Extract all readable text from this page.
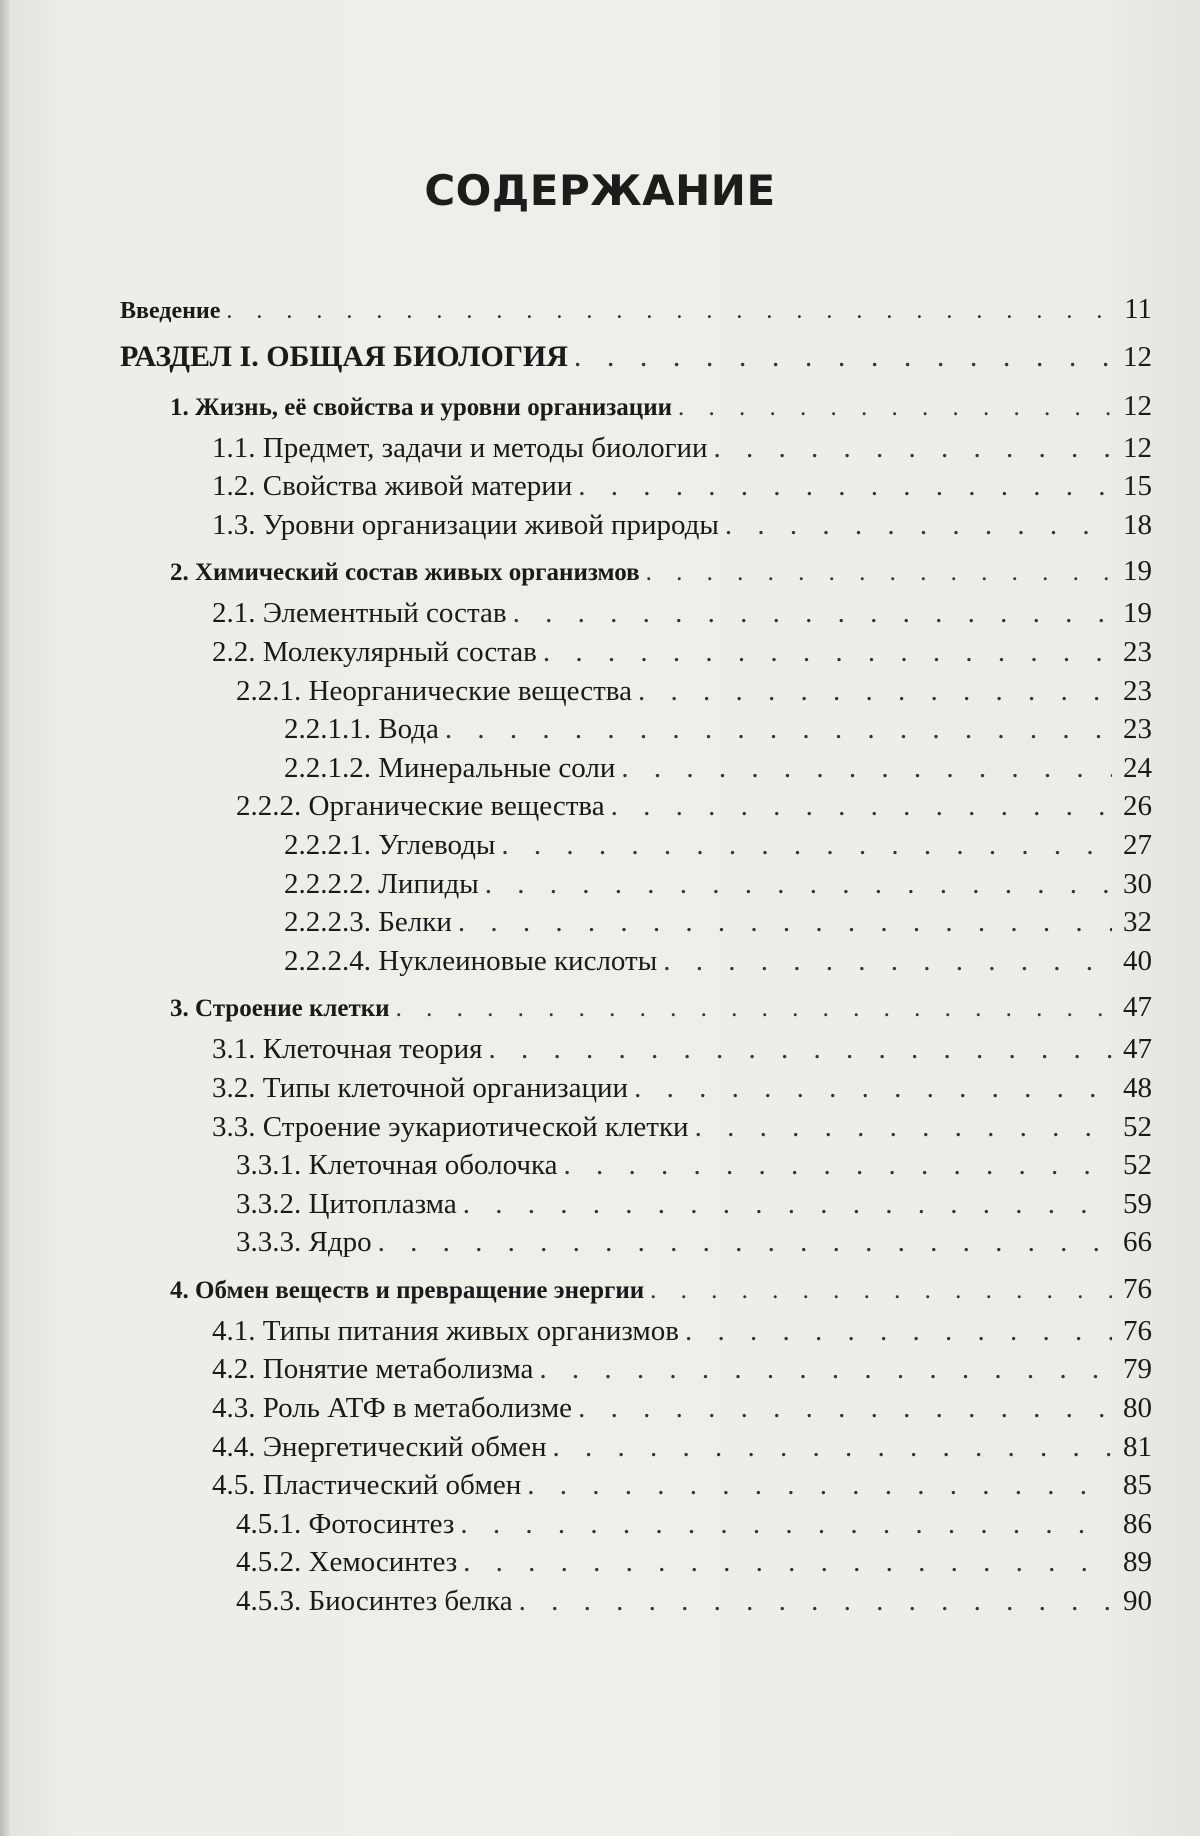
СОДЕРЖАНИЕ
Введение . . .	11
РАЗДЕЛ I. ОБЩАЯ БИОЛОГИЯ . . .	12
1. Жизнь, её свойства и уровни организации . . .	12
1.1. Предмет, задачи и методы биологии . . .	12
1.2. Свойства живой материи . . .	15
1.3. Уровни организации живой природы . . .	18
2. Химический состав живых организмов . . .	19
2.1. Элементный состав . . .	19
2.2. Молекулярный состав . . .	23
2.2.1. Неорганические вещества . . .	23
2.2.1.1. Вода . . .	23
2.2.1.2. Минеральные соли . . .	24
2.2.2. Органические вещества . . .	26
2.2.2.1. Углеводы . . .	27
2.2.2.2. Липиды . . .	30
2.2.2.3. Белки . . .	32
2.2.2.4. Нуклеиновые кислоты . . .	40
3. Строение клетки . . .	47
3.1. Клеточная теория . . .	47
3.2. Типы клеточной организации . . .	48
3.3. Строение эукариотической клетки . . .	52
3.3.1. Клеточная оболочка . . .	52
3.3.2. Цитоплазма . . .	59
3.3.3. Ядро . . .	66
4. Обмен веществ и превращение энергии . . .	76
4.1. Типы питания живых организмов . . .	76
4.2. Понятие метаболизма . . .	79
4.3. Роль АТФ в метаболизме . . .	80
4.4. Энергетический обмен . . .	81
4.5. Пластический обмен . . .	85
4.5.1. Фотосинтез . . .	86
4.5.2. Хемосинтез . . .	89
4.5.3. Биосинтез белка . . .	90
